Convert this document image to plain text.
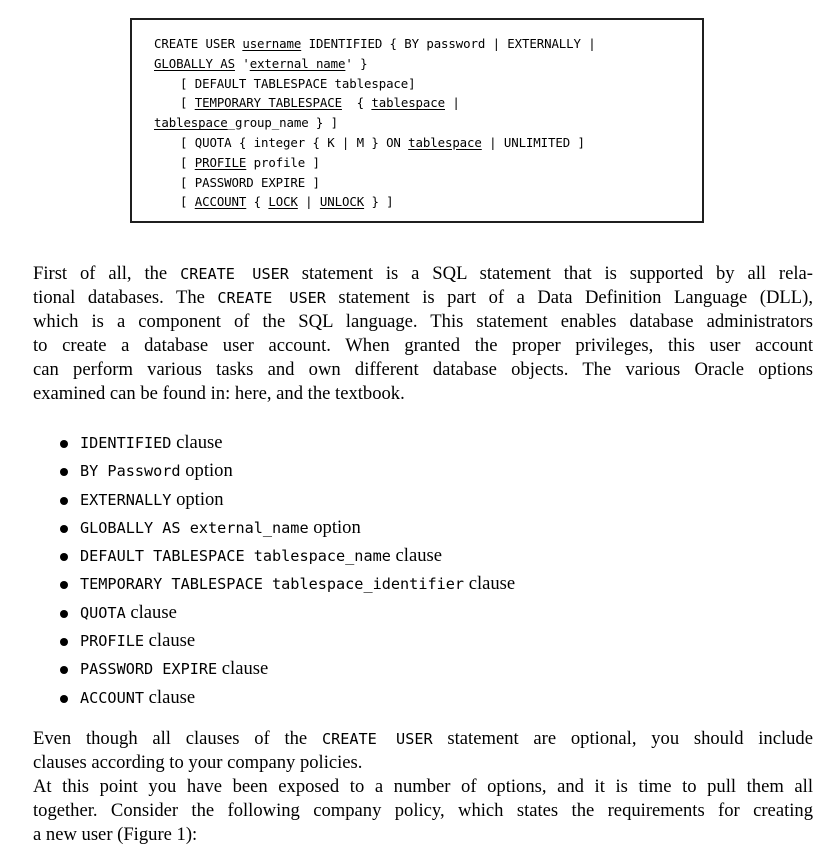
CREATE USER username IDENTIFIED { BY password | EXTERNALLY |
GLOBALLY AS 'external_name' }
[ DEFAULT TABLESPACE tablespace]
[ TEMPORARY TABLESPACE  { tablespace |
tablespace_group_name } ]
[ QUOTA { integer { K | M } ON tablespace | UNLIMITED ]
[ PROFILE profile ]
[ PASSWORD EXPIRE ]
[ ACCOUNT { LOCK | UNLOCK } ]
First of all, the CREATE USER statement is a SQL statement that is supported by all rela-
tional databases. The CREATE USER statement is part of a Data Definition Language (DLL),
which is a component of the SQL language. This statement enables database administrators
to create a database user account. When granted the proper privileges, this user account
can perform various tasks and own different database objects. The various Oracle options
examined can be found in: here, and the textbook.
IDENTIFIED clause
BY Password option
EXTERNALLY option
GLOBALLY AS external_name option
DEFAULT TABLESPACE tablespace_name clause
TEMPORARY TABLESPACE tablespace_identifier clause
QUOTA clause
PROFILE clause
PASSWORD EXPIRE clause
ACCOUNT clause
Even though all clauses of the CREATE USER statement are optional, you should include
clauses according to your company policies.
At this point you have been exposed to a number of options, and it is time to pull them all
together. Consider the following company policy, which states the requirements for creating
a new user (Figure 1):
